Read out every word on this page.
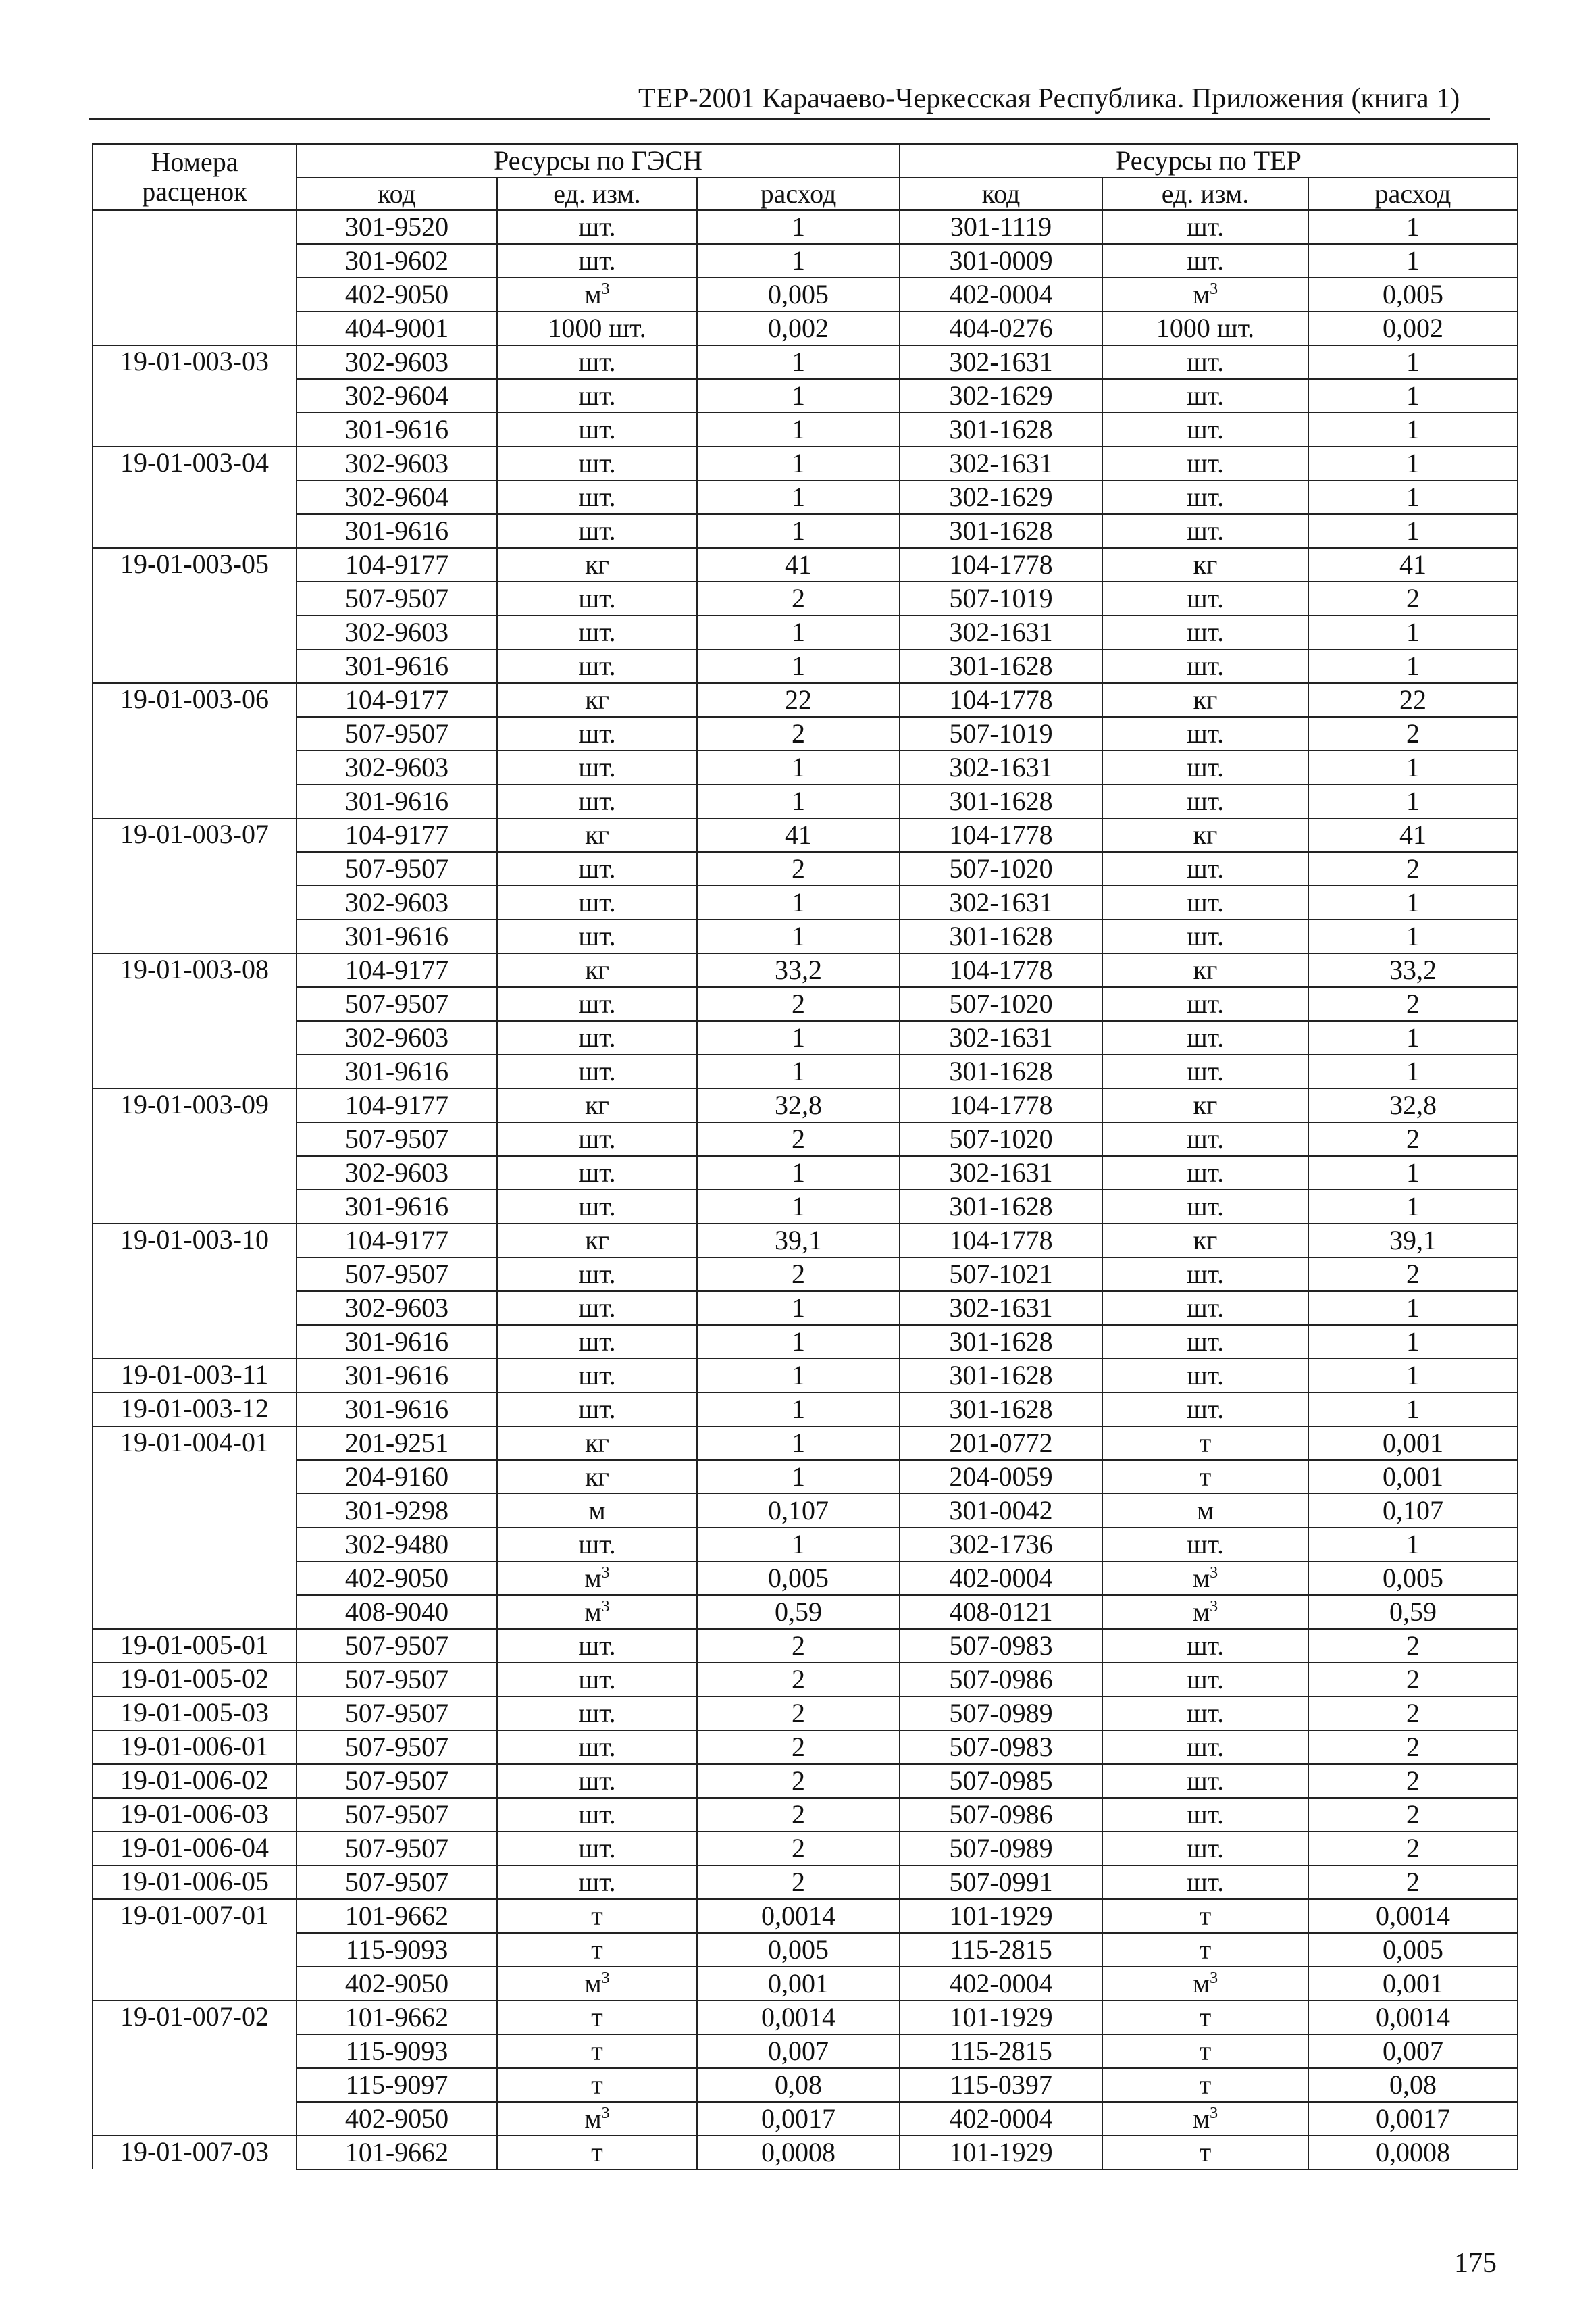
ТЕР-2001 Карачаево-Черкесская Республика. Приложения (книга 1)
Номера расценок	Ресурсы по ГЭСН			Ресурсы по ТЕР		
	код	ед. изм.	расход	код	ед. изм.	расход
	301-9520	шт.	1	301-1119	шт.	1
	301-9602	шт.	1	301-0009	шт.	1
	402-9050	$м^3$	0,005	402-0004	$м^3$	0,005
	404-9001	1000 шт.	0,002	404-0276	1000 шт.	0,002
19-01-003-03	302-9603	шт.	1	302-1631	шт.	1
	302-9604	шт.	1	302-1629	шт.	1
	301-9616	шт.	1	301-1628	шт.	1
19-01-003-04	302-9603	шт.	1	302-1631	шт.	1
	302-9604	шт.	1	302-1629	шт.	1
	301-9616	шт.	1	301-1628	шт.	1
19-01-003-05	104-9177	кг	41	104-1778	кг	41
	507-9507	шт.	2	507-1019	шт.	2
	302-9603	шт.	1	302-1631	шт.	1
	301-9616	шт.	1	301-1628	шт.	1
19-01-003-06	104-9177	кг	22	104-1778	кг	22
	507-9507	шт.	2	507-1019	шт.	2
	302-9603	шт.	1	302-1631	шт.	1
	301-9616	шт.	1	301-1628	шт.	1
19-01-003-07	104-9177	кг	41	104-1778	кг	41
	507-9507	шт.	2	507-1020	шт.	2
	302-9603	шт.	1	302-1631	шт.	1
	301-9616	шт.	1	301-1628	шт.	1
19-01-003-08	104-9177	кг	33,2	104-1778	кг	33,2
	507-9507	шт.	2	507-1020	шт.	2
	302-9603	шт.	1	302-1631	шт.	1
	301-9616	шт.	1	301-1628	шт.	1
19-01-003-09	104-9177	кг	32,8	104-1778	кг	32,8
	507-9507	шт.	2	507-1020	шт.	2
	302-9603	шт.	1	302-1631	шт.	1
	301-9616	шт.	1	301-1628	шт.	1
19-01-003-10	104-9177	кг	39,1	104-1778	кг	39,1
	507-9507	шт.	2	507-1021	шт.	2
	302-9603	шт.	1	302-1631	шт.	1
	301-9616	шт.	1	301-1628	шт.	1
19-01-003-11	301-9616	шт.	1	301-1628	шт.	1
19-01-003-12	301-9616	шт.	1	301-1628	шт.	1
19-01-004-01	201-9251	кг	1	201-0772	т	0,001
	204-9160	кг	1	204-0059	т	0,001
	301-9298	м	0,107	301-0042	м	0,107
	302-9480	шт.	1	302-1736	шт.	1
	402-9050	$м^3$	0,005	402-0004	$м^3$	0,005
	408-9040	$м^3$	0,59	408-0121	$м^3$	0,59
19-01-005-01	507-9507	шт.	2	507-0983	шт.	2
19-01-005-02	507-9507	шт.	2	507-0986	шт.	2
19-01-005-03	507-9507	шт.	2	507-0989	шт.	2
19-01-006-01	507-9507	шт.	2	507-0983	шт.	2
19-01-006-02	507-9507	шт.	2	507-0985	шт.	2
19-01-006-03	507-9507	шт.	2	507-0986	шт.	2
19-01-006-04	507-9507	шт.	2	507-0989	шт.	2
19-01-006-05	507-9507	шт.	2	507-0991	шт.	2
19-01-007-01	101-9662	т	0,0014	101-1929	т	0,0014
	115-9093	т	0,005	115-2815	т	0,005
	402-9050	$м^3$	0,001	402-0004	$м^3$	0,001
19-01-007-02	101-9662	т	0,0014	101-1929	т	0,0014
	115-9093	т	0,007	115-2815	т	0,007
	115-9097	т	0,08	115-0397	т	0,08
	402-9050	$м^3$	0,0017	402-0004	$м^3$	0,0017
19-01-007-03	101-9662	т	0,0008	101-1929	т	0,0008
175
